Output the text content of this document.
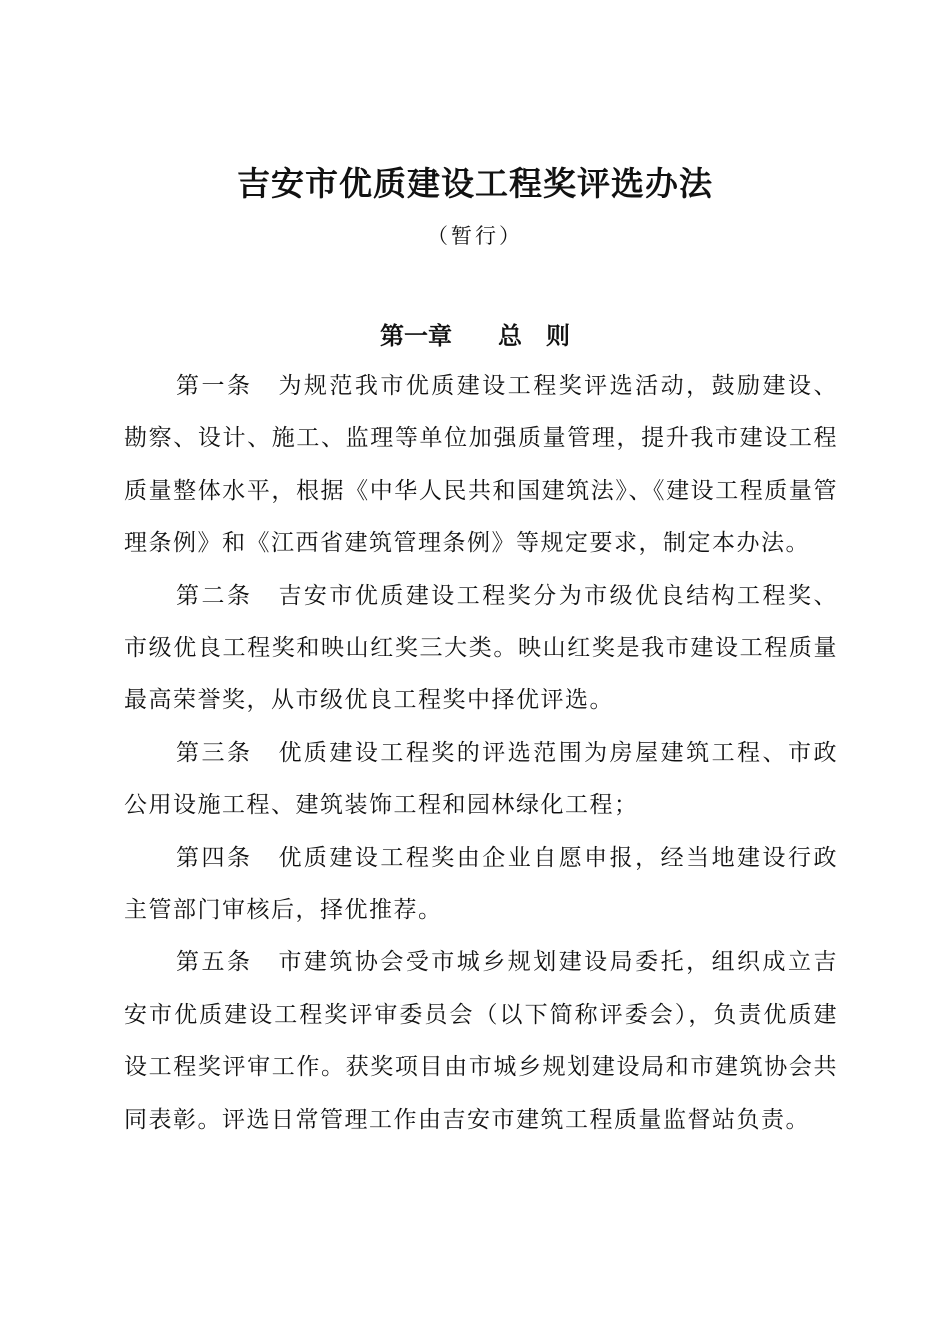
吉安市优质建设工程奖评选办法
（暂行）
第一章 总　则

第一条 为规范我市优质建设工程奖评选活动，鼓励建设、勘察、设计、施工、监理等单位加强质量管理，提升我市建设工程质量整体水平，根据《中华人民共和国建筑法》、《建设工程质量管理条例》和《江西省建筑管理条例》等规定要求，制定本办法。

第二条 吉安市优质建设工程奖分为市级优良结构工程奖、市级优良工程奖和映山红奖三大类。映山红奖是我市建设工程质量最高荣誉奖，从市级优良工程奖中择优评选。

第三条 优质建设工程奖的评选范围为房屋建筑工程、市政公用设施工程、建筑装饰工程和园林绿化工程；

第四条 优质建设工程奖由企业自愿申报，经当地建设行政主管部门审核后，择优推荐。

第五条 市建筑协会受市城乡规划建设局委托，组织成立吉安市优质建设工程奖评审委员会（以下简称评委会），负责优质建设工程奖评审工作。获奖项目由市城乡规划建设局和市建筑协会共同表彰。评选日常管理工作由吉安市建筑工程质量监督站负责。
